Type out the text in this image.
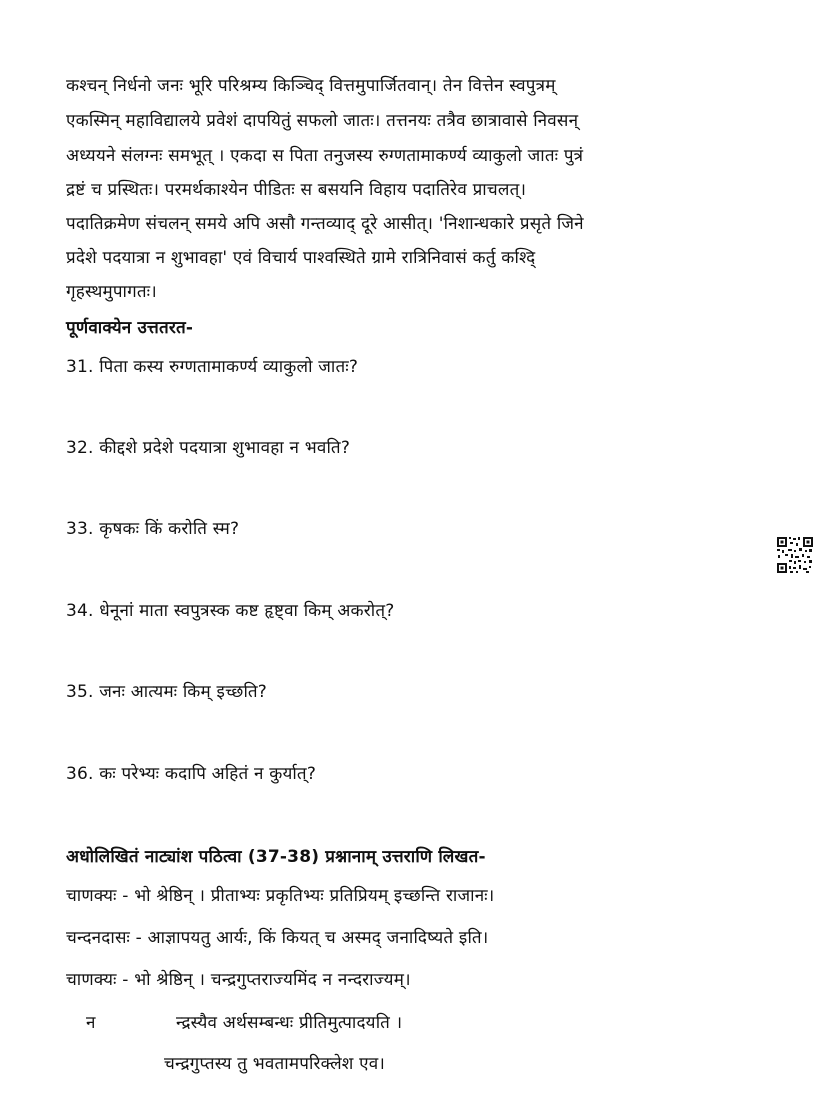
कश्चन् निर्धनो जनः भूरि परिश्रम्य किञ्चिद् वित्तमुपार्जितवान्। तेन वित्तेन स्वपुत्रम्
एकस्मिन् महाविद्यालये प्रवेशं दापयितुं सफलो जातः। तत्तनयः तत्रैव छात्रावासे निवसन्
अध्ययने संलग्नः समभूत् । एकदा स पिता तनुजस्य रुग्णतामाकर्ण्य व्याकुलो जातः पुत्रं
द्रष्टं च प्रस्थितः। परमर्थकाश्येन पीडितः स बसयनि विहाय पदातिरेव प्राचलत्।
पदातिक्रमेण संचलन् समये अपि असौ गन्तव्याद् दूरे आसीत्। 'निशान्धकारे प्रसृते जिने
प्रदेशे पदयात्रा न शुभावहा' एवं विचार्य पाश्वस्थिते ग्रामे रात्रिनिवासं कर्तु कश्दि्
गृहस्थमुपागतः।
पूर्णवाक्येन उत्ततरत-
31. पिता कस्य रुग्णतामाकर्ण्य व्याकुलो जातः?
32. कीद्दशे प्रदेशे पदयात्रा शुभावहा न भवति?
33. कृषकः किं करोति स्म?
34. धेनूनां माता स्वपुत्रस्क कष्ट हृष्ट्वा किम् अकरोत्?
35. जनः आत्यमः किम् इच्छति?
36. कः परेभ्यः कदापि अहितं न कुर्यात्?
अधोलिखितं नाट्यांश पठित्वा (37-38) प्रश्नानाम् उत्तराणि लिखत-
चाणक्यः - भो श्रेष्ठिन् । प्रीताभ्यः प्रकृतिभ्यः प्रतिप्रियम् इच्छन्ति राजानः।
चन्दनदासः - आज्ञापयतु आर्यः, किं कियत् च अस्मद् जनादिष्यते इति।
चाणक्यः - भो श्रेष्ठिन् । चन्द्रगुप्तराज्यमिंद न नन्दराज्यम्।
न	न्द्रस्यैव अर्थसम्बन्धः प्रीतिमुत्पादयति ।
चन्द्रगुप्तस्य तु भवतामपरिक्लेश एव।
